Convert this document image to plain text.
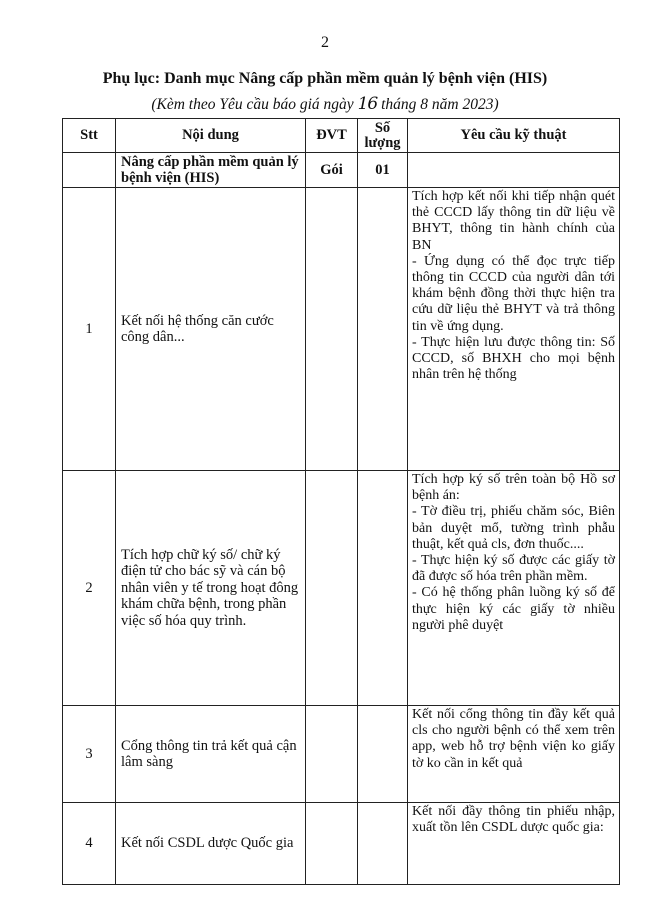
2
Phụ lục: Danh mục Nâng cấp phần mềm quản lý bệnh viện (HIS)
(Kèm theo Yêu cầu báo giá ngày 16 tháng 8 năm 2023)
Stt	Nội dung	ĐVT	Số lượng	Yêu cầu kỹ thuật
	Nâng cấp phần mềm quản lý bệnh viện (HIS)	Gói	01	
1	Kết nối hệ thống căn cước công dân...			Tích hợp kết nối khi tiếp nhận quét thẻ CCCD lấy thông tin dữ liệu về BHYT, thông tin hành chính của BN
- Ứng dụng có thể đọc trực tiếp thông tin CCCD của người dân tới khám bệnh đồng thời thực hiện tra cứu dữ liệu thẻ BHYT và trả thông tin về ứng dụng.
- Thực hiện lưu được thông tin: Số CCCD, số BHXH cho mọi bệnh nhân trên hệ thống
2	Tích hợp chữ ký số/ chữ ký điện tử cho bác sỹ và cán bộ nhân viên y tế trong hoạt đông khám chữa bệnh, trong phần việc số hóa quy trình.			Tích hợp ký số trên toàn bộ Hồ sơ bệnh án:
- Tờ điều trị, phiếu chăm sóc, Biên bản duyệt mổ, tường trình phẫu thuật, kết quả cls, đơn thuốc....
- Thực hiện ký số được các giấy tờ đã được số hóa trên phần mềm.
- Có hệ thống phân luồng ký số để thực hiện ký các giấy tờ nhiều người phê duyệt
3	Cổng thông tin trả kết quả cận lâm sàng			Kết nối cổng thông tin đầy kết quả cls cho người bệnh có thể xem trên app, web hỗ trợ bệnh viện ko giấy tờ ko cần in kết quả
4	Kết nối CSDL dược Quốc gia			Kết nối đầy thông tin phiếu nhập, xuất tồn lên CSDL dược quốc gia:
